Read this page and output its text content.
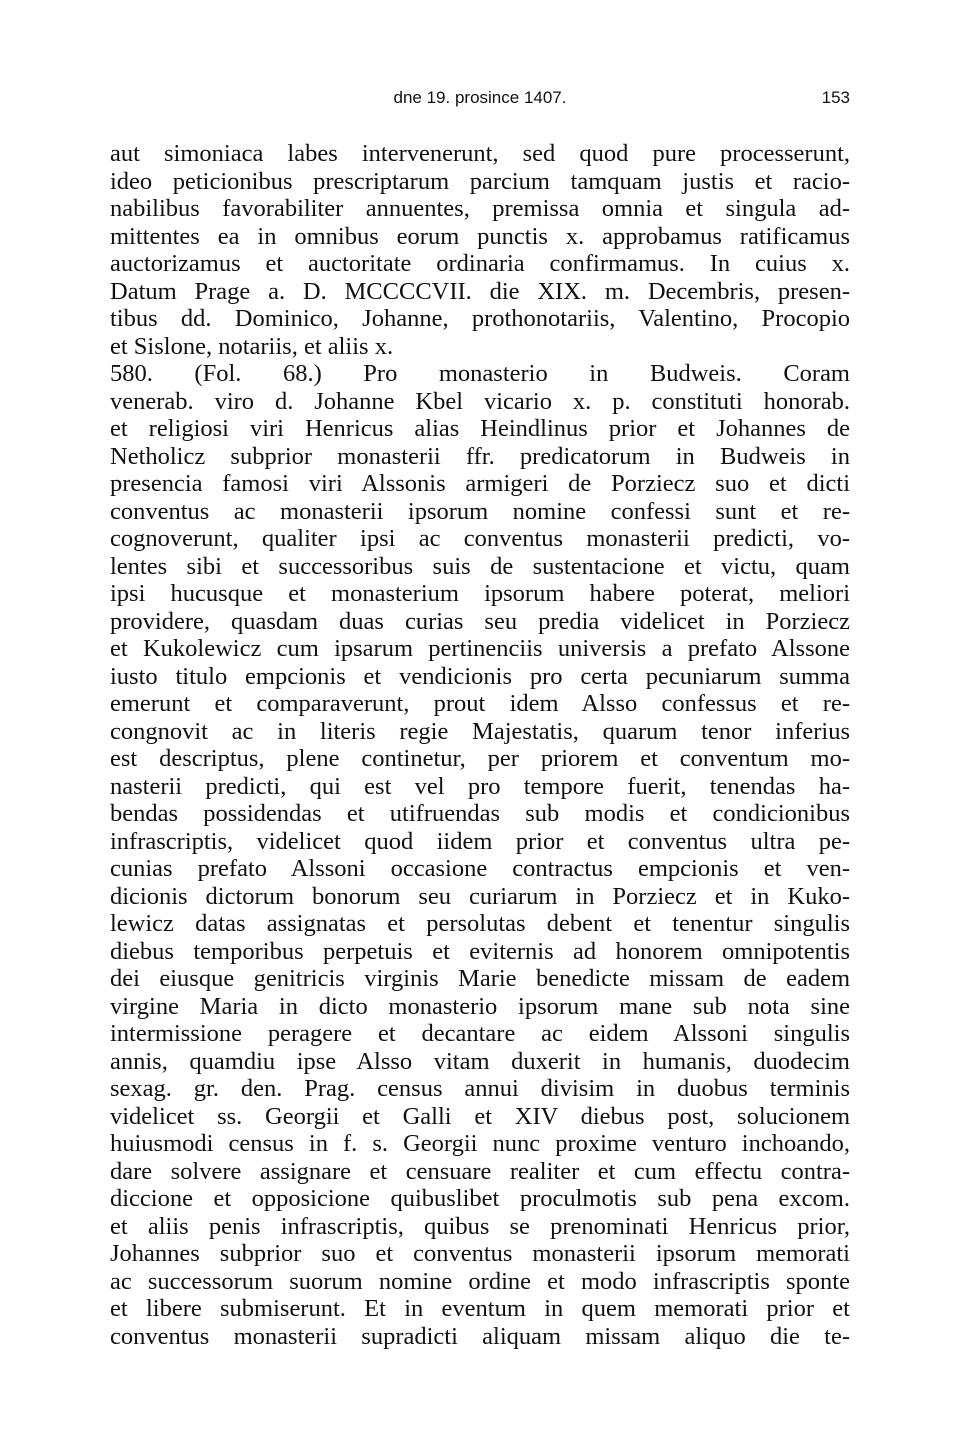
dne 19. prosince 1407.	153
aut simoniaca labes intervenerunt, sed quod pure processerunt,
ideo peticionibus prescriptarum parcium tamquam justis et racio-
nabilibus favorabiliter annuentes, premissa omnia et singula ad-
mittentes ea in omnibus eorum punctis x. approbamus ratificamus
auctorizamus et auctoritate ordinaria confirmamus. In cuius x.
Datum Prage a. D. MCCCCVII. die XIX. m. Decembris, presen-
tibus dd. Dominico, Johanne, prothonotariis, Valentino, Procopio
et Sislone, notariis, et aliis x.
580. (Fol. 68.) Pro monasterio in Budweis. Coram
venerab. viro d. Johanne Kbel vicario x. p. constituti honorab.
et religiosi viri Henricus alias Heindlinus prior et Johannes de
Netholicz subprior monasterii ffr. predicatorum in Budweis in
presencia famosi viri Alssonis armigeri de Porziecz suo et dicti
conventus ac monasterii ipsorum nomine confessi sunt et re-
cognoverunt, qualiter ipsi ac conventus monasterii predicti, vo-
lentes sibi et successoribus suis de sustentacione et victu, quam
ipsi hucusque et monasterium ipsorum habere poterat, meliori
providere, quasdam duas curias seu predia videlicet in Porziecz
et Kukolewicz cum ipsarum pertinenciis universis a prefato Alssone
iusto titulo empcionis et vendicionis pro certa pecuniarum summa
emerunt et comparaverunt, prout idem Alsso confessus et re-
congnovit ac in literis regie Majestatis, quarum tenor inferius
est descriptus, plene continetur, per priorem et conventum mo-
nasterii predicti, qui est vel pro tempore fuerit, tenendas ha-
bendas possidendas et utifruendas sub modis et condicionibus
infrascriptis, videlicet quod iidem prior et conventus ultra pe-
cunias prefato Alssoni occasione contractus empcionis et ven-
dicionis dictorum bonorum seu curiarum in Porziecz et in Kuko-
lewicz datas assignatas et persolutas debent et tenentur singulis
diebus temporibus perpetuis et eviternis ad honorem omnipotentis
dei eiusque genitricis virginis Marie benedicte missam de eadem
virgine Maria in dicto monasterio ipsorum mane sub nota sine
intermissione peragere et decantare ac eidem Alssoni singulis
annis, quamdiu ipse Alsso vitam duxerit in humanis, duodecim
sexag. gr. den. Prag. census annui divisim in duobus terminis
videlicet ss. Georgii et Galli et XIV diebus post, solucionem
huiusmodi census in f. s. Georgii nunc proxime venturo inchoando,
dare solvere assignare et censuare realiter et cum effectu contra-
diccione et opposicione quibuslibet proculmotis sub pena excom.
et aliis penis infrascriptis, quibus se prenominati Henricus prior,
Johannes subprior suo et conventus monasterii ipsorum memorati
ac successorum suorum nomine ordine et modo infrascriptis sponte
et libere submiserunt. Et in eventum in quem memorati prior et
conventus monasterii supradicti aliquam missam aliquo die te-
